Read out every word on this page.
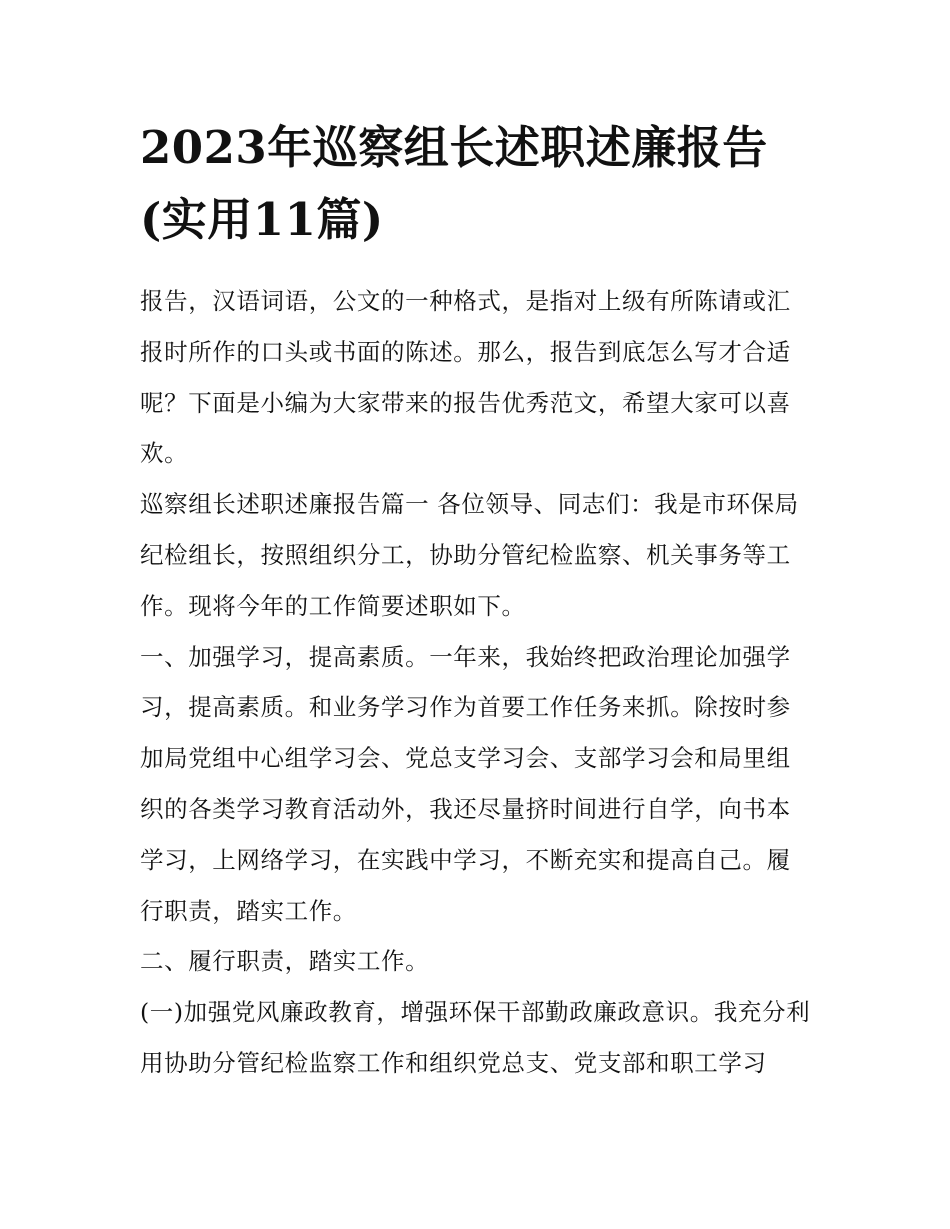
2023年巡察组长述职述廉报告(实用11篇)

报告，汉语词语，公文的一种格式，是指对上级有所陈请或汇报时所作的口头或书面的陈述。那么，报告到底怎么写才合适呢？下面是小编为大家带来的报告优秀范文，希望大家可以喜欢。

巡察组长述职述廉报告篇一 各位领导、同志们：我是市环保局纪检组长，按照组织分工，协助分管纪检监察、机关事务等工作。现将今年的工作简要述职如下。

一、加强学习，提高素质。一年来，我始终把政治理论加强学习，提高素质。和业务学习作为首要工作任务来抓。除按时参加局党组中心组学习会、党总支学习会、支部学习会和局里组织的各类学习教育活动外，我还尽量挤时间进行自学，向书本学习，上网络学习，在实践中学习，不断充实和提高自己。履行职责，踏实工作。

二、履行职责，踏实工作。

(一)加强党风廉政教育，增强环保干部勤政廉政意识。我充分利用协助分管纪检监察工作和组织党总支、党支部和职工学习
